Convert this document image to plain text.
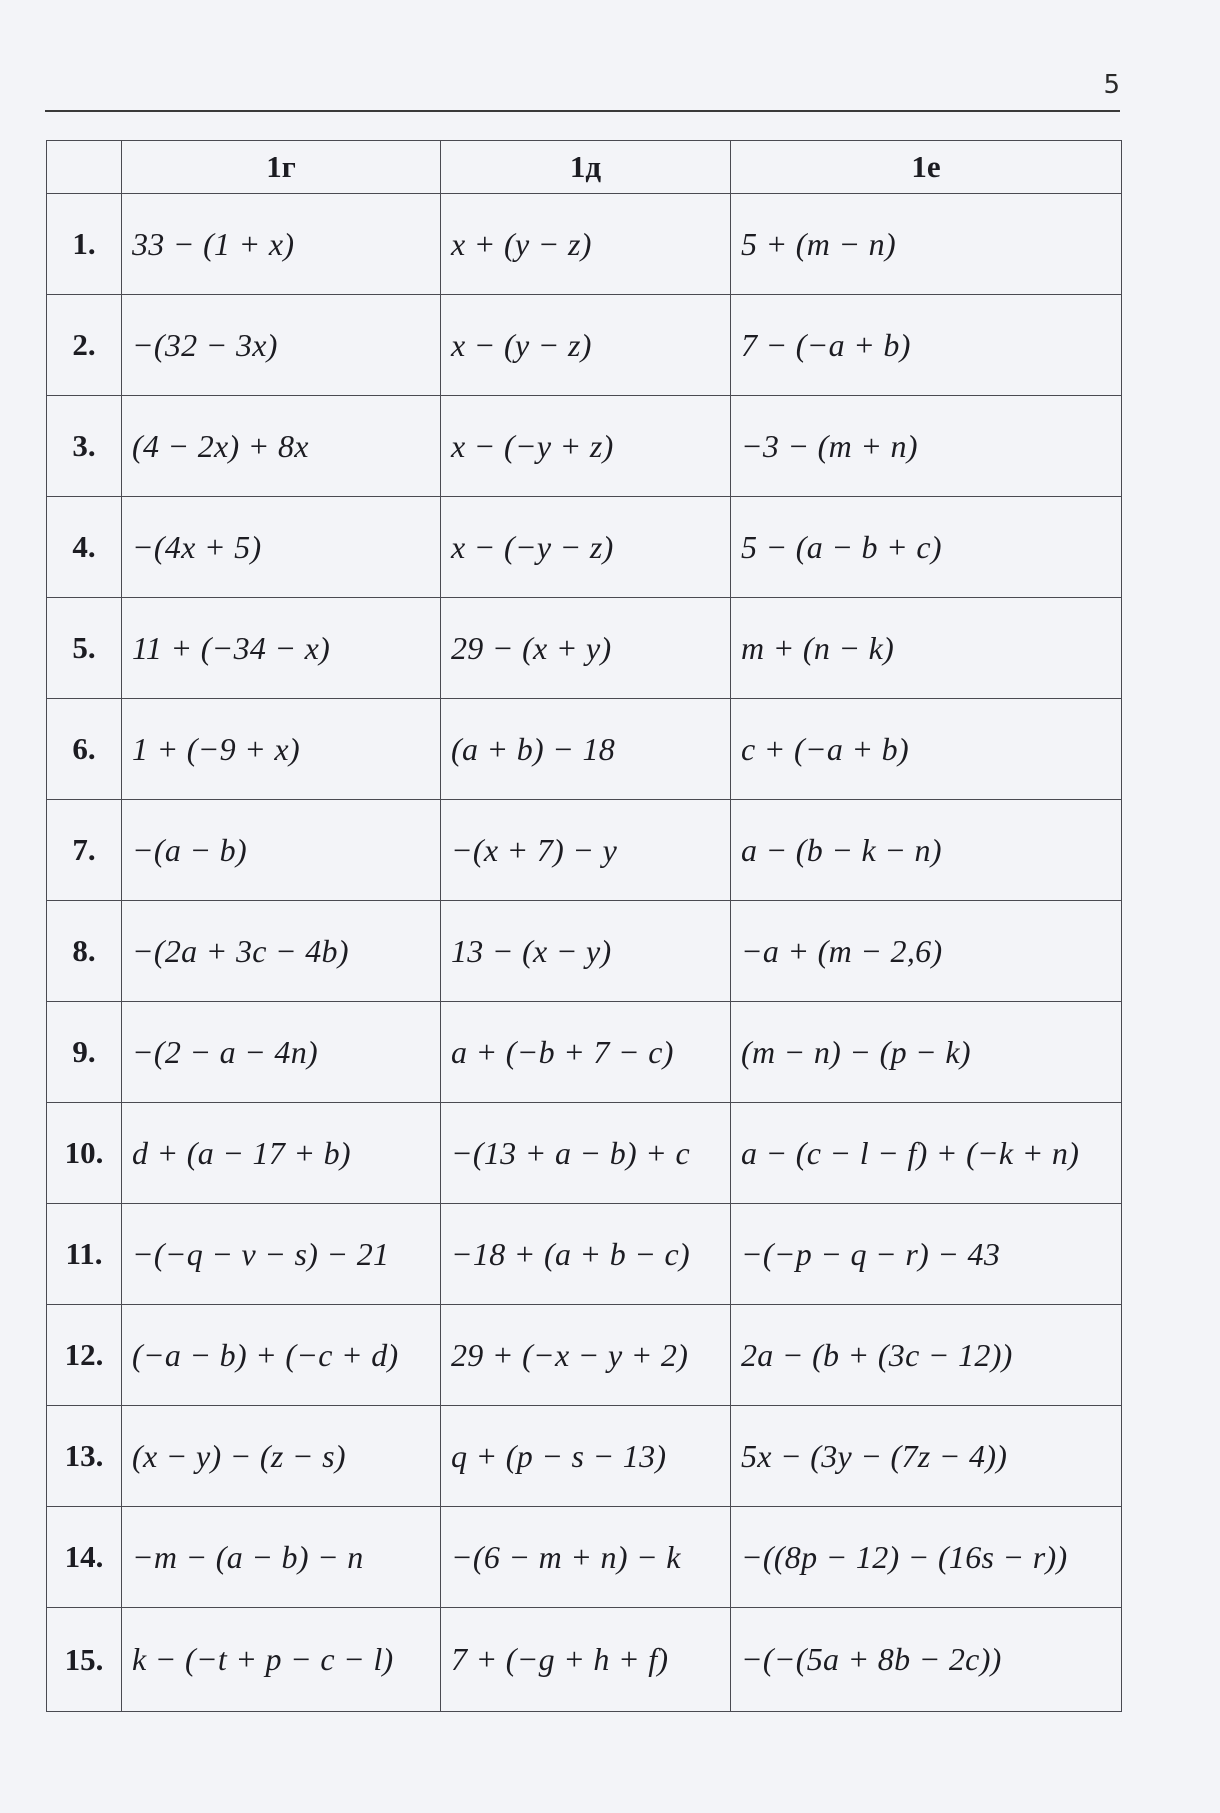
5
	1г	1д	1е
1.	33 − (1 + x)	x + (y − z)	5 + (m − n)
2.	−(32 − 3x)	x − (y − z)	7 − (−a + b)
3.	(4 − 2x) + 8x	x − (−y + z)	−3 − (m + n)
4.	−(4x + 5)	x − (−y − z)	5 − (a − b + c)
5.	11 + (−34 − x)	29 − (x + y)	m + (n − k)
6.	1 + (−9 + x)	(a + b) − 18	c + (−a + b)
7.	−(a − b)	−(x + 7) − y	a − (b − k − n)
8.	−(2a + 3c − 4b)	13 − (x − y)	−a + (m − 2,6)
9.	−(2 − a − 4n)	a + (−b + 7 − c)	(m − n) − (p − k)
10.	d + (a − 17 + b)	−(13 + a − b) + c	a − (c − l − f) + (−k + n)
11.	−(−q − v − s) − 21	−18 + (a + b − c)	−(−p − q − r) − 43
12.	(−a − b) + (−c + d)	29 + (−x − y + 2)	2a − (b + (3c − 12))
13.	(x − y) − (z − s)	q + (p − s − 13)	5x − (3y − (7z − 4))
14.	−m − (a − b) − n	−(6 − m + n) − k	−((8p − 12) − (16s − r))
15.	k − (−t + p − c − l)	7 + (−g + h + f)	−(−(5a + 8b − 2c))
